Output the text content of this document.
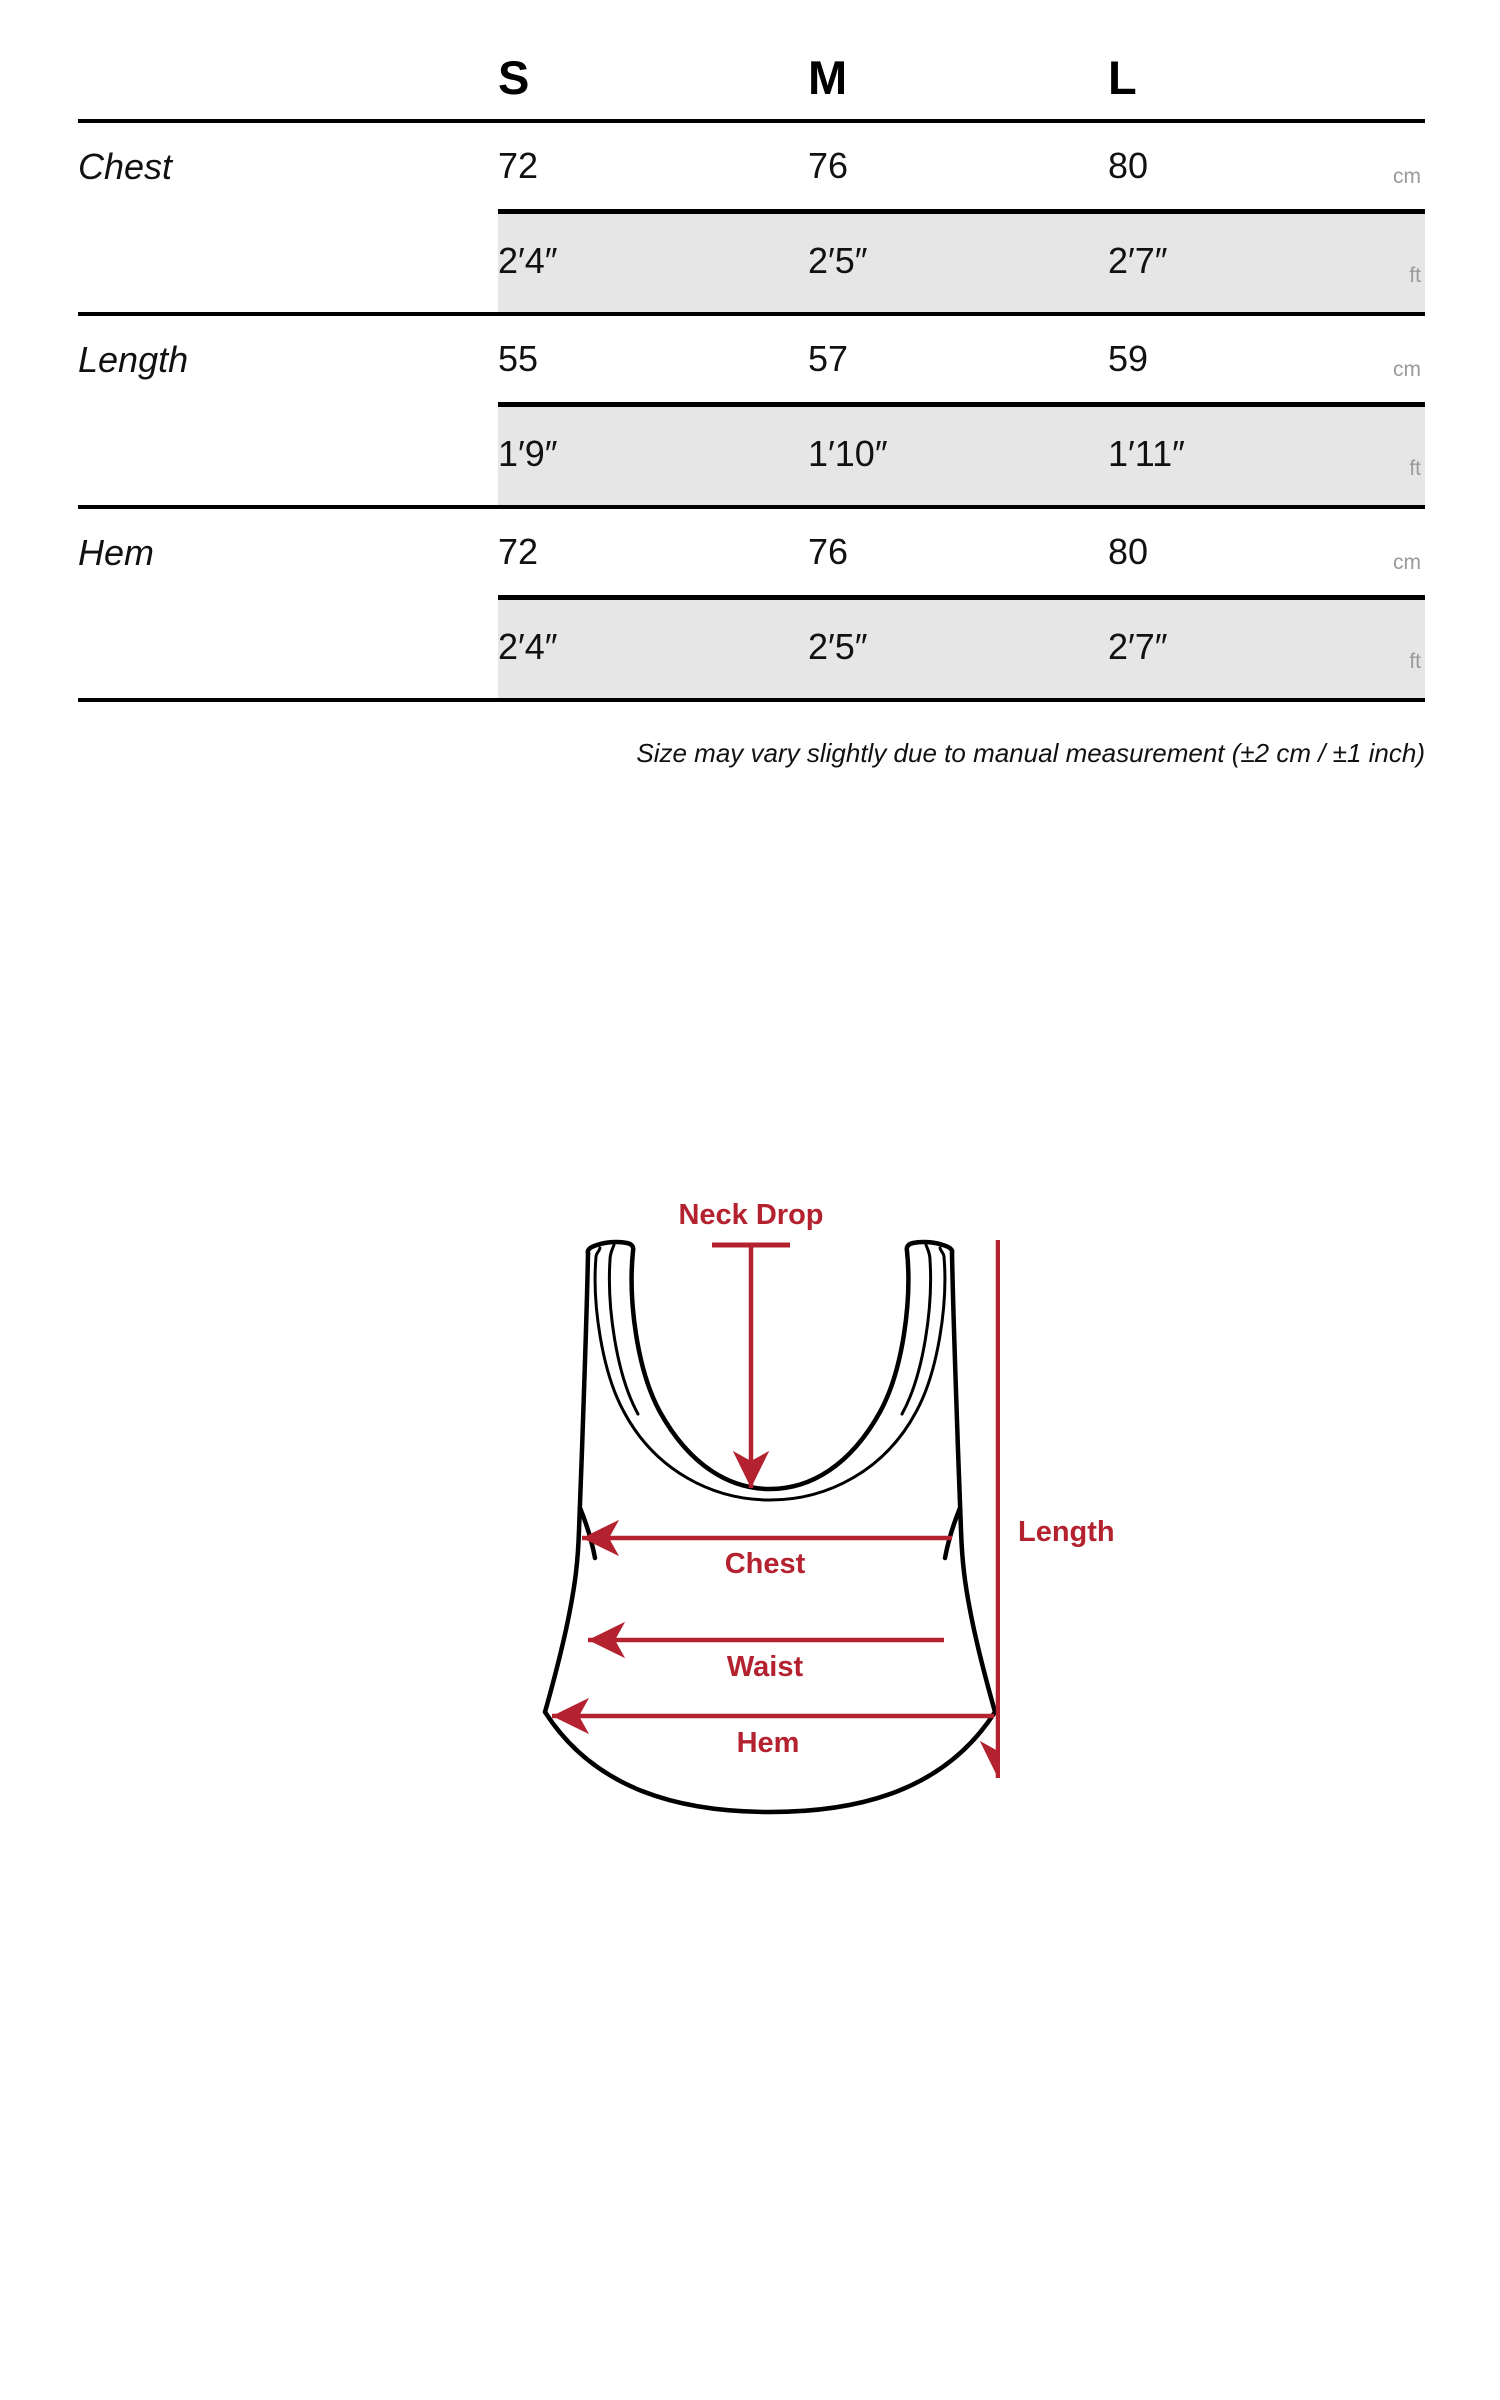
	S	M	L	
Chest	72	76	80	cm
	2′4″	2′5″	2′7″	ft
Length	55	57	59	cm
	1′9″	1′10″	1′11″	ft
Hem	72	76	80	cm
	2′4″	2′5″	2′7″	ft
Size may vary slightly due to manual measurement (±2 cm / ±1 inch)
Neck Drop
Chest
Waist
Hem
Length
